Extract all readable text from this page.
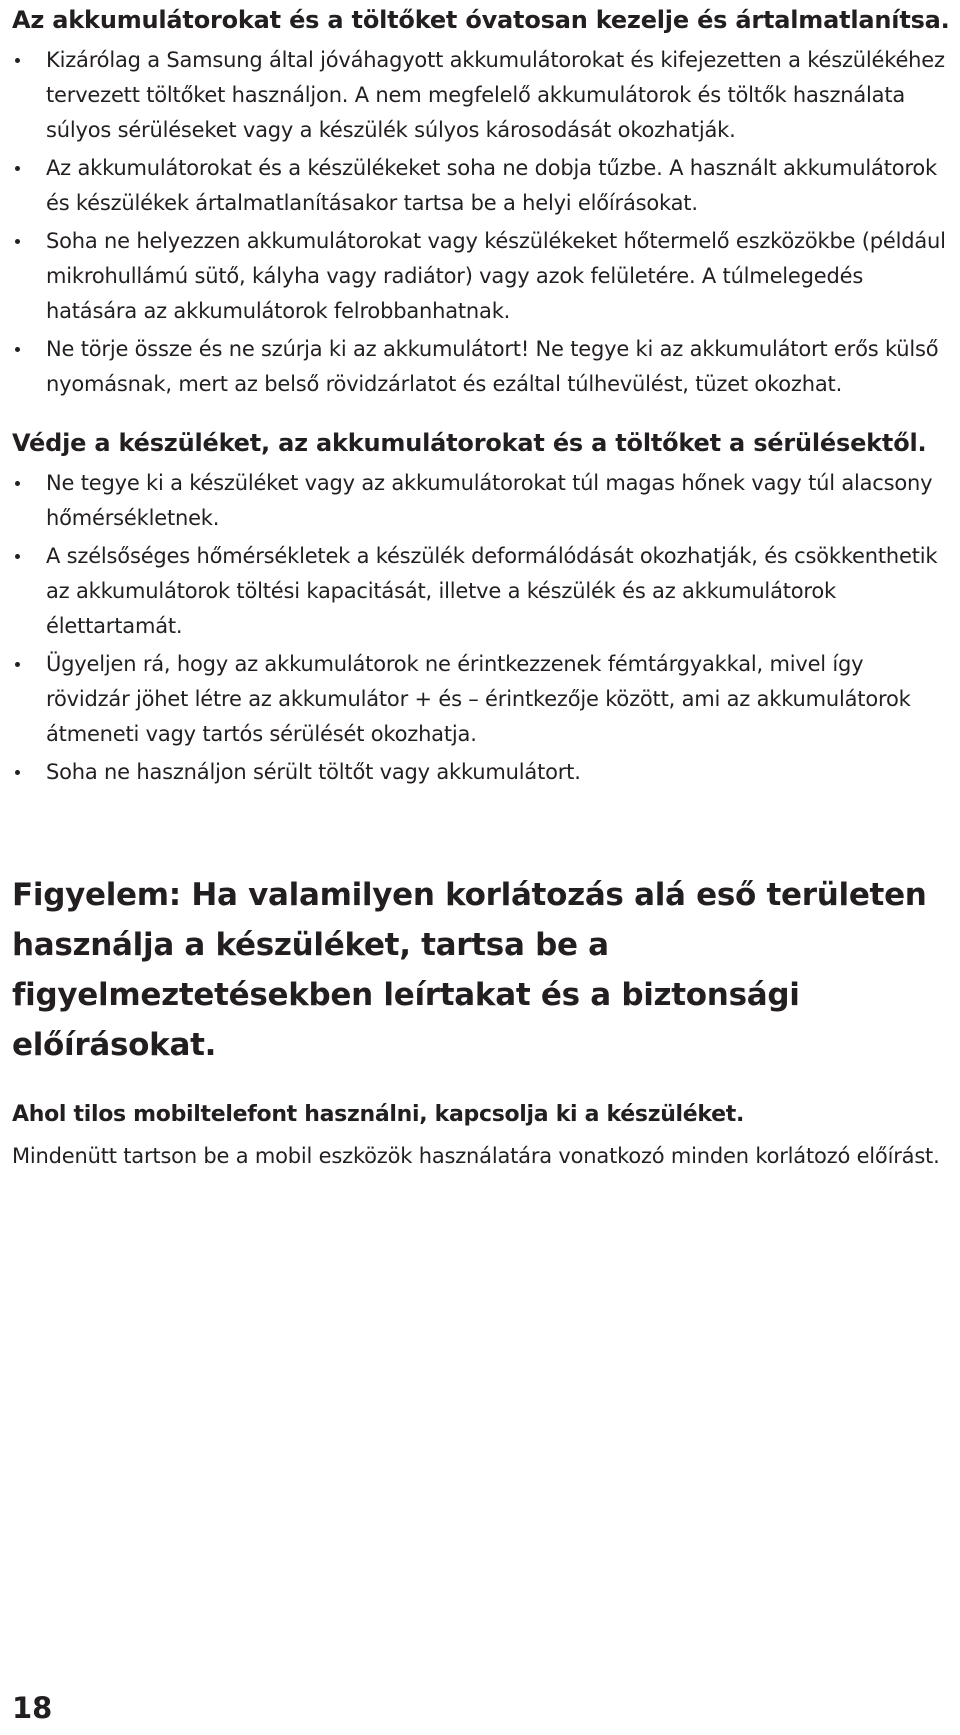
Az akkumulátorokat és a töltőket óvatosan kezelje és ártalmatlanítsa.
Kizárólag a Samsung által jóváhagyott akkumulátorokat és kifejezetten a készülékéhez tervezett töltőket használjon. A nem megfelelő akkumulátorok és töltők használata súlyos sérüléseket vagy a készülék súlyos károsodását okozhatják.
Az akkumulátorokat és a készülékeket soha ne dobja tűzbe. A használt akkumulátorok és készülékek ártalmatlanításakor tartsa be a helyi előírásokat.
Soha ne helyezzen akkumulátorokat vagy készülékeket hőtermelő eszközökbe (például mikrohullámú sütő, kályha vagy radiátor) vagy azok felületére. A túlmelegedés hatására az akkumulátorok felrobbanhatnak.
Ne törje össze és ne szúrja ki az akkumulátort! Ne tegye ki az akkumulátort erős külső nyomásnak, mert az belső rövidzárlatot és ezáltal túlhevülést, tüzet okozhat.
Védje a készüléket, az akkumulátorokat és a töltőket a sérülésektől.
Ne tegye ki a készüléket vagy az akkumulátorokat túl magas hőnek vagy túl alacsony hőmérsékletnek.
A szélsőséges hőmérsékletek a készülék deformálódását okozhatják, és csökkenthetik az akkumulátorok töltési kapacitását, illetve a készülék és az akkumulátorok élettartamát.
Ügyeljen rá, hogy az akkumulátorok ne érintkezzenek fémtárgyakkal, mivel így rövidzár jöhet létre az akkumulátor + és – érintkezője között, ami az akkumulátorok átmeneti vagy tartós sérülését okozhatja.
Soha ne használjon sérült töltőt vagy akkumulátort.
Figyelem: Ha valamilyen korlátozás alá eső területen használja a készüléket, tartsa be a figyelmeztetésekben leírtakat és a biztonsági előírásokat.
Ahol tilos mobiltelefont használni, kapcsolja ki a készüléket.

Mindenütt tartson be a mobil eszközök használatára vonatkozó minden korlátozó előírást.

18
